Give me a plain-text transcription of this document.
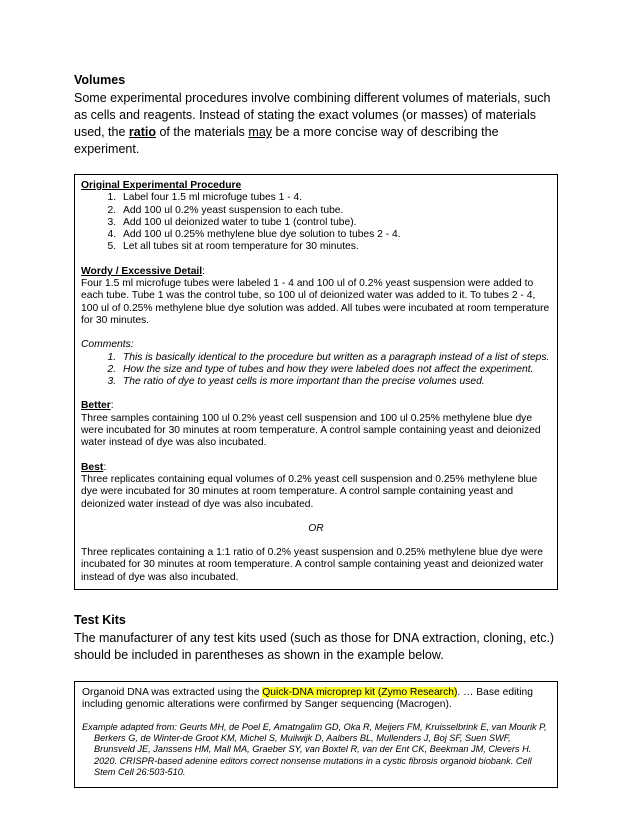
Volumes

Some experimental procedures involve combining different volumes of materials, such as cells and reagents. Instead of stating the exact volumes (or masses) of materials used, the ratio of the materials may be a more concise way of describing the experiment.

Original Experimental Procedure
1. Label four 1.5 ml microfuge tubes 1 - 4.
2. Add 100 ul 0.2% yeast suspension to each tube.
3. Add 100 ul deionized water to tube 1 (control tube).
4. Add 100 ul 0.25% methylene blue dye solution to tubes 2 - 4.
5. Let all tubes sit at room temperature for 30 minutes.
Wordy / Excessive Detail:
Four 1.5 ml microfuge tubes were labeled 1 - 4 and 100 ul of 0.2% yeast suspension were added to each tube. Tube 1 was the control tube, so 100 ul of deionized water was added to it. To tubes 2 - 4, 100 ul of 0.25% methylene blue dye solution was added. All tubes were incubated at room temperature for 30 minutes.
Comments:
1. This is basically identical to the procedure but written as a paragraph instead of a list of steps.
2. How the size and type of tubes and how they were labeled does not affect the experiment.
3. The ratio of dye to yeast cells is more important than the precise volumes used.
Better:
Three samples containing 100 ul 0.2% yeast cell suspension and 100 ul 0.25% methylene blue dye were incubated for 30 minutes at room temperature. A control sample containing yeast and deionized water instead of dye was also incubated.
Best:
Three replicates containing equal volumes of 0.2% yeast cell suspension and 0.25% methylene blue dye were incubated for 30 minutes at room temperature. A control sample containing yeast and deionized water instead of dye was also incubated.
OR
Three replicates containing a 1:1 ratio of 0.2% yeast suspension and 0.25% methylene blue dye were incubated for 30 minutes at room temperature. A control sample containing yeast and deionized water instead of dye was also incubated.
Test Kits

The manufacturer of any test kits used (such as those for DNA extraction, cloning, etc.) should be included in parentheses as shown in the example below.

Organoid DNA was extracted using the Quick-DNA microprep kit (Zymo Research). … Base editing including genomic alterations were confirmed by Sanger sequencing (Macrogen).
Example adapted from: Geurts MH, de Poel E, Amatngalim GD, Oka R, Meijers FM, Kruisselbrink E, van Mourik P, Berkers G, de Winter-de Groot KM, Michel S, Muilwijk D, Aalbers BL, Mullenders J, Boj SF, Suen SWF, Brunsveld JE, Janssens HM, Mall MA, Graeber SY, van Boxtel R, van der Ent CK, Beekman JM, Clevers H. 2020. CRISPR-based adenine editors correct nonsense mutations in a cystic fibrosis organoid biobank. Cell Stem Cell 26:503-510.
